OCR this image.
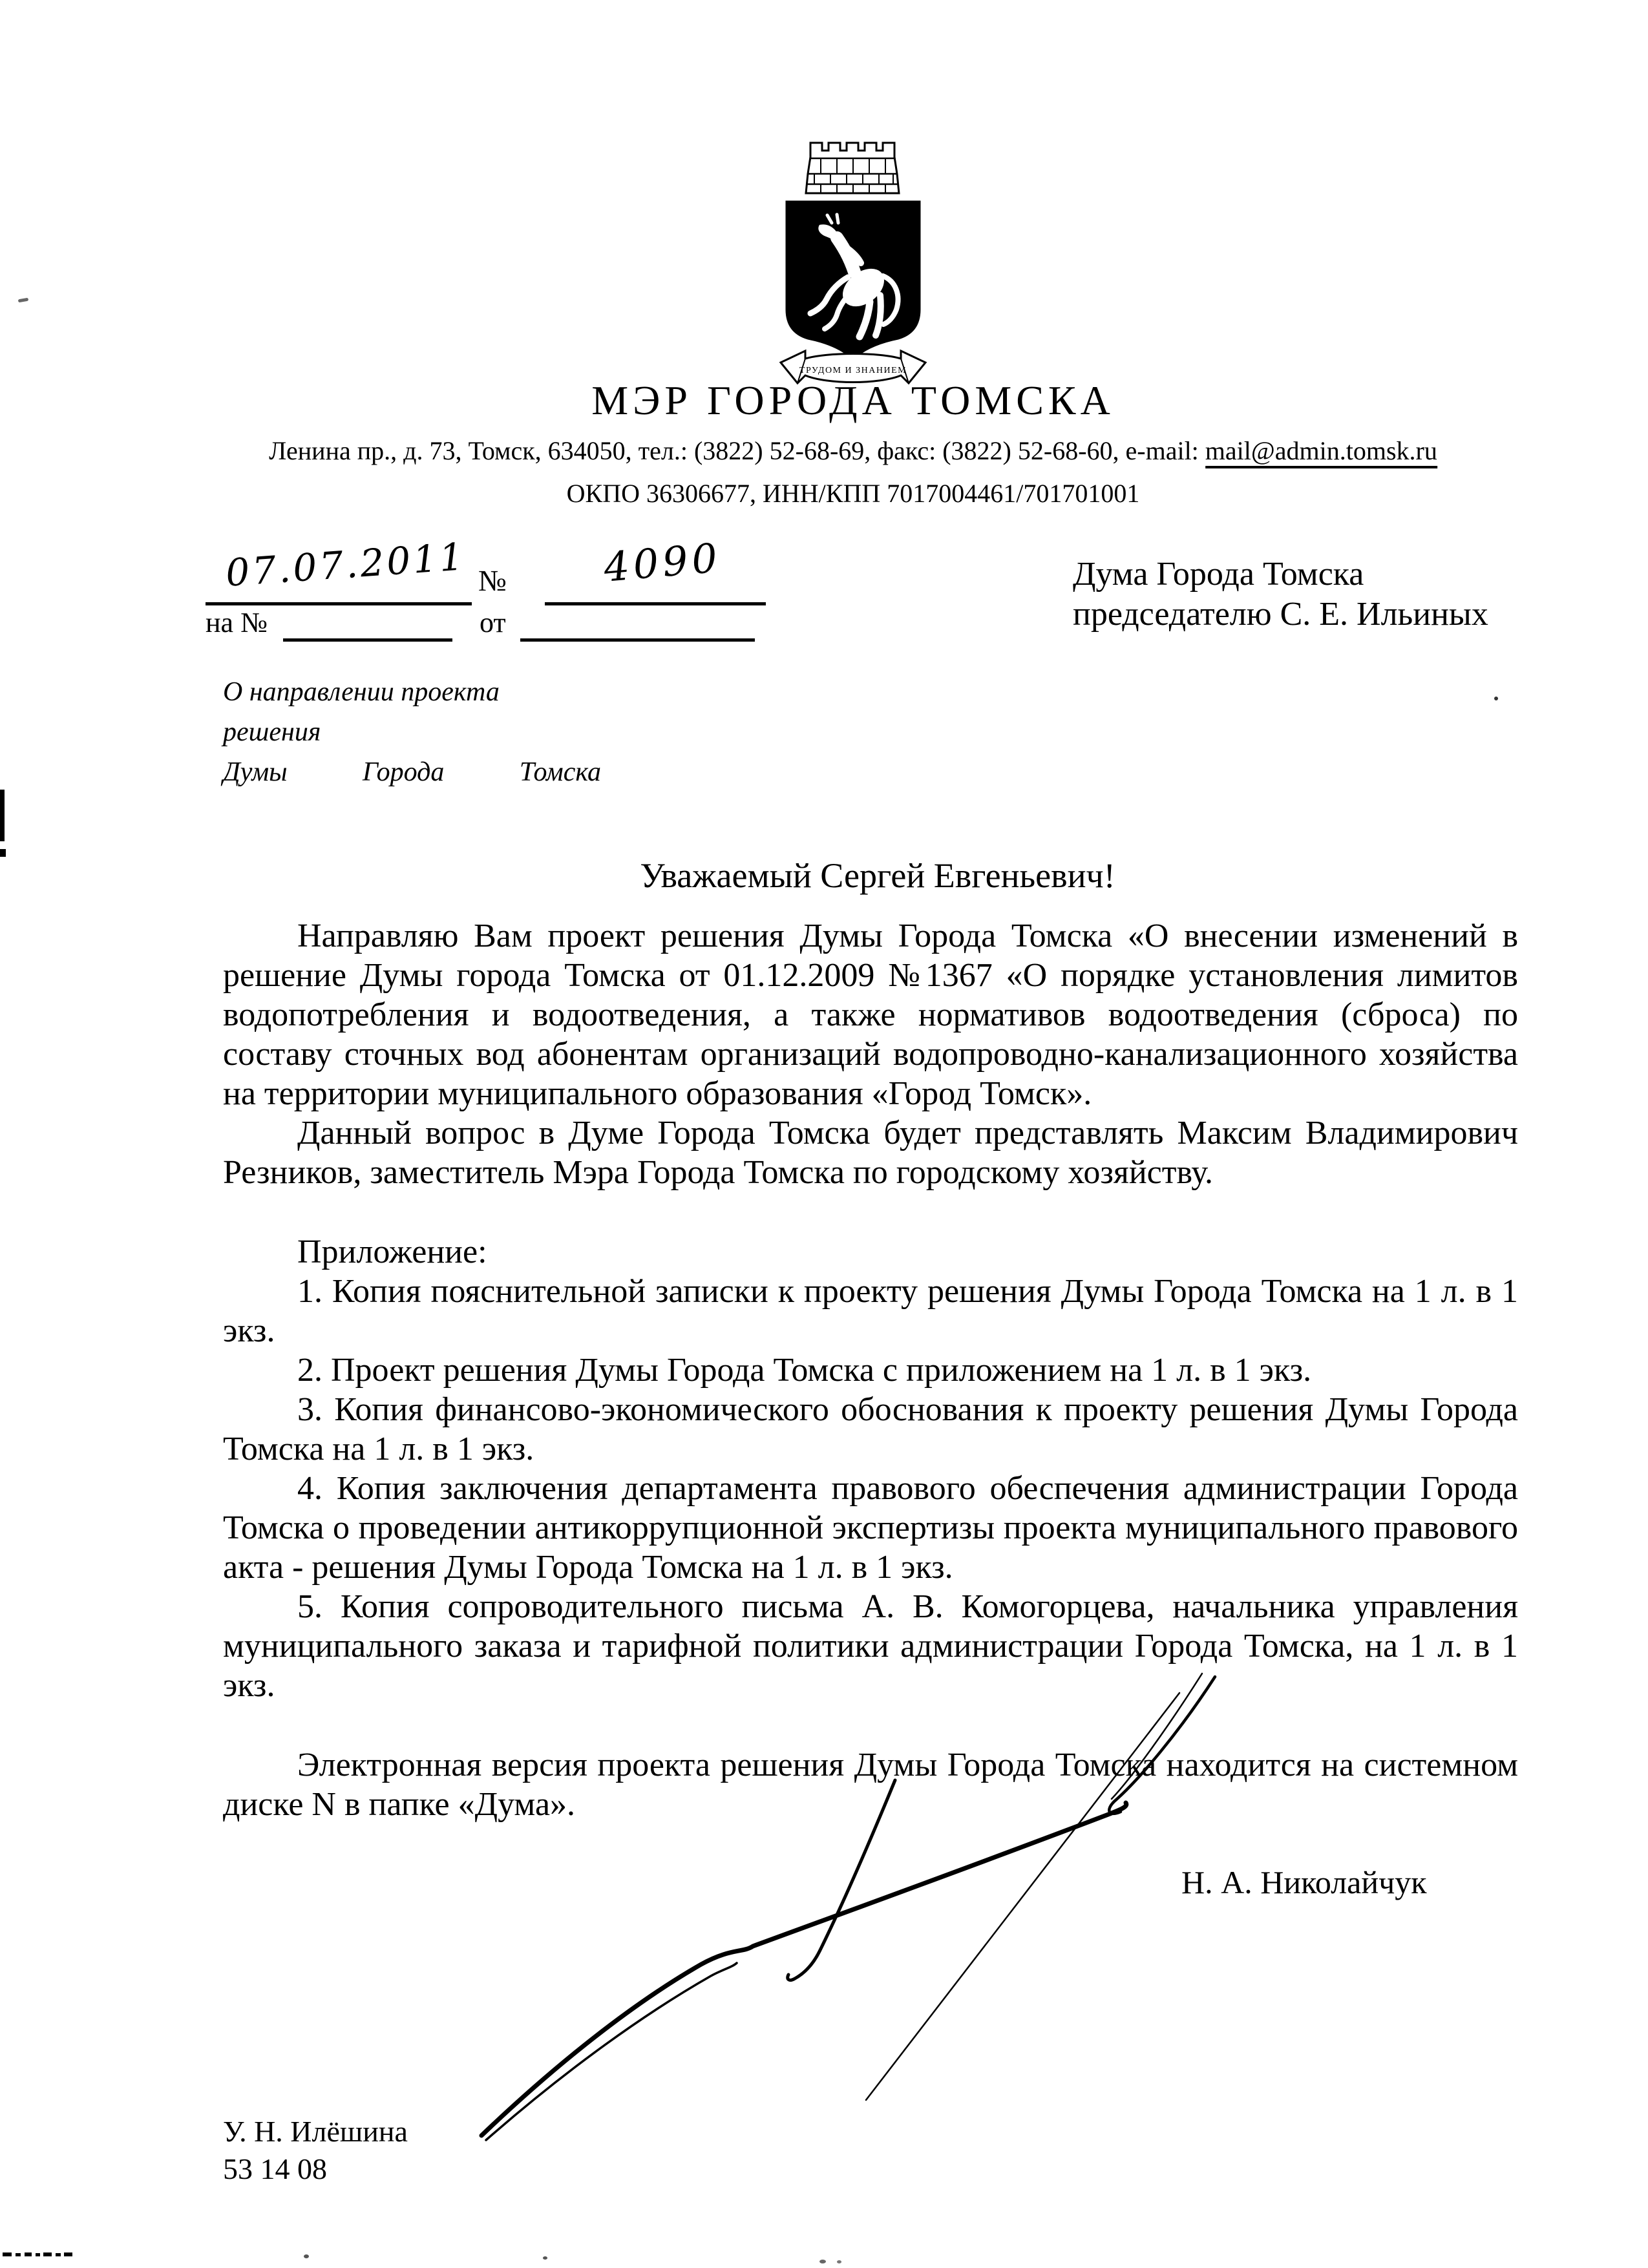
ТРУДОМ И ЗНАНИЕМ
МЭР ГОРОДА ТОМСКА
Ленина пр., д. 73, Томск, 634050, тел.: (3822) 52-68-69, факс: (3822) 52-68-60, e-mail: mail@admin.tomsk.ru
ОКПО 36306677, ИНН/КПП 7017004461/701701001
07.07.2011 №	4090
на №	от
Дума Города Томска
председателю С. Е. Ильиных
О направлении проекта решения
Думы	Города	Томска
Уважаемый Сергей Евгеньевич!

Направляю Вам проект решения Думы Города Томска «О внесении изменений в решение Думы города Томска от 01.12.2009 №1367 «О порядке установления лимитов водопотребления и водоотведения, а также нормативов водоотведения (сброса) по составу сточных вод абонентам организаций водопроводно-канализационного хозяйства на территории муниципального образования «Город Томск».

Данный вопрос в Думе Города Томска будет представлять Максим Владимирович Резников, заместитель Мэра Города Томска по городскому хозяйству.

Приложение:

1. Копия пояснительной записки к проекту решения Думы Города Томска на 1 л. в 1 экз.

2. Проект решения Думы Города Томска с приложением на 1 л. в 1 экз.

3. Копия финансово-экономического обоснования к проекту решения Думы Города Томска на 1 л. в 1 экз.

4. Копия заключения департамента правового обеспечения администрации Города Томска о проведении антикоррупционной экспертизы проекта муниципального правового акта - решения Думы Города Томска на 1 л. в 1 экз.

5. Копия сопроводительного письма А. В. Комогорцева, начальника управления муниципального заказа и тарифной политики администрации Города Томска, на 1 л. в 1 экз.

Электронная версия проекта решения Думы Города Томска находится на системном диске N в папке «Дума».

Н. А. Николайчук
У. Н. Илёшина
53 14 08
